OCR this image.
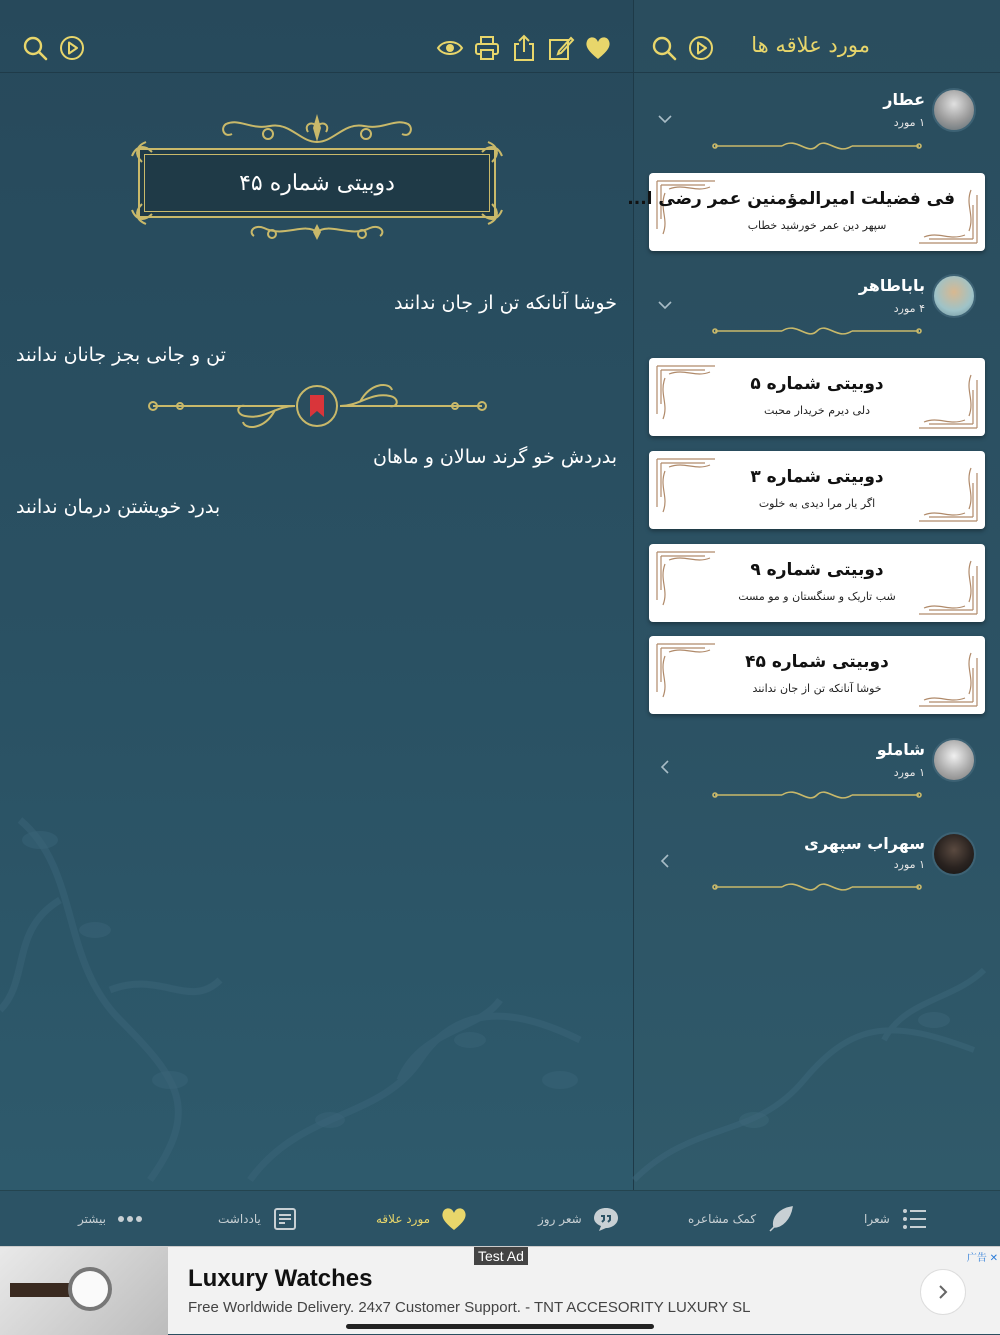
دوبیتی شماره ۴۵
خوشا آنانکه تن از جان ندانند
تن و جانی بجز جانان ندانند
بدردش خو گرند سالان و ماهان
بدرد خویشتن درمان ندانند
مورد علاقه ها
عطار
۱ مورد
فی فضیلت امیرالمؤمنین عمر رضی ا...
سپهر دین عمر خورشید خطاب
باباطاهر
۴ مورد
دوبیتی شماره ۵
دلی دیرم خریدار محبت
دوبیتی شماره ۳
اگر یار مرا دیدی به خلوت
دوبیتی شماره ۹
شب تاریک و سنگستان و مو مست
دوبیتی شماره ۴۵
خوشا آنانکه تن از جان ندانند
شاملو
۱ مورد
سهراب سپهری
۱ مورد
بیشتر	یادداشت	مورد علاقه	شعر روز	کمک مشاعره	شعرا
Test Ad
Luxury Watches
Free Worldwide Delivery. 24x7 Customer Support. - TNT ACCESORITY LUXURY SL
广告 ✕
